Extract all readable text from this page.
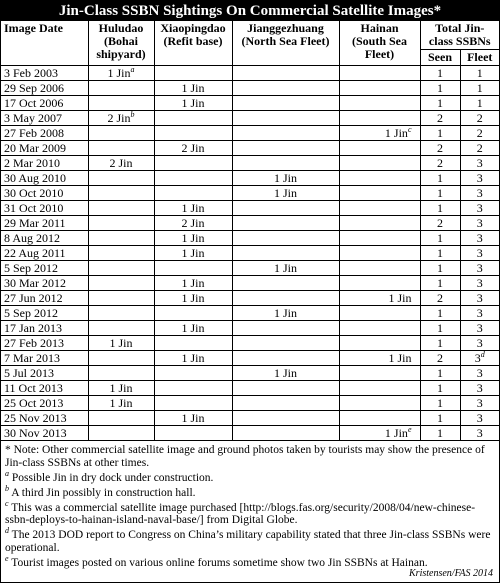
Jin-Class SSBN Sightings On Commercial Satellite Images*
Image Date	Huludao (Bohai shipyard)	Xiaopingdao (Refit base)	Jianggezhuang (North Sea Fleet)	Hainan (South Sea Fleet)	Total Jin-class SSBNs	
					Seen	Fleet
3 Feb 2003	1 Jin$^a$				1	1
29 Sep 2006		1 Jin			1	1
17 Oct 2006		1 Jin			1	1
3 May 2007	2 Jin$^b$				2	2
27 Feb 2008				1 Jin$^c$	1	2
20 Mar 2009		2 Jin			2	2
2 Mar 2010	2 Jin				2	3
30 Aug 2010			1 Jin		1	3
30 Oct 2010			1 Jin		1	3
31 Oct 2010		1 Jin			1	3
29 Mar 2011		2 Jin			2	3
8 Aug 2012		1 Jin			1	3
22 Aug 2011		1 Jin			1	3
5 Sep 2012			1 Jin		1	3
30 Mar 2012		1 Jin			1	3
27 Jun 2012		1 Jin		1 Jin	2	3
5 Sep 2012			1 Jin		1	3
17 Jan 2013		1 Jin			1	3
27 Feb 2013	1 Jin				1	3
7 Mar 2013		1 Jin		1 Jin	2	3$^d$
5 Jul 2013			1 Jin		1	3
11 Oct 2013	1 Jin				1	3
25 Oct 2013	1 Jin				1	3
25 Nov 2013		1 Jin			1	3
30 Nov 2013				1 Jin$^e$	1	3

* Note: Other commercial satellite image and ground photos taken by tourists may show the presence of Jin-class SSBNs at other times.

$^a$ Possible Jin in dry dock under construction.

$^b$ A third Jin possibly in construction hall.

$^c$ This was a commercial satellite image purchased [http://blogs.fas.org/security/2008/04/new-chinese-ssbn-deploys-to-hainan-island-naval-base/] from Digital Globe.

$^d$ The 2013 DOD report to Congress on China’s military capability stated that three Jin-class SSBNs were operational.

$^e$ Tourist images posted on various online forums sometime show two Jin SSBNs at Hainan.

Kristensen/FAS 2014
